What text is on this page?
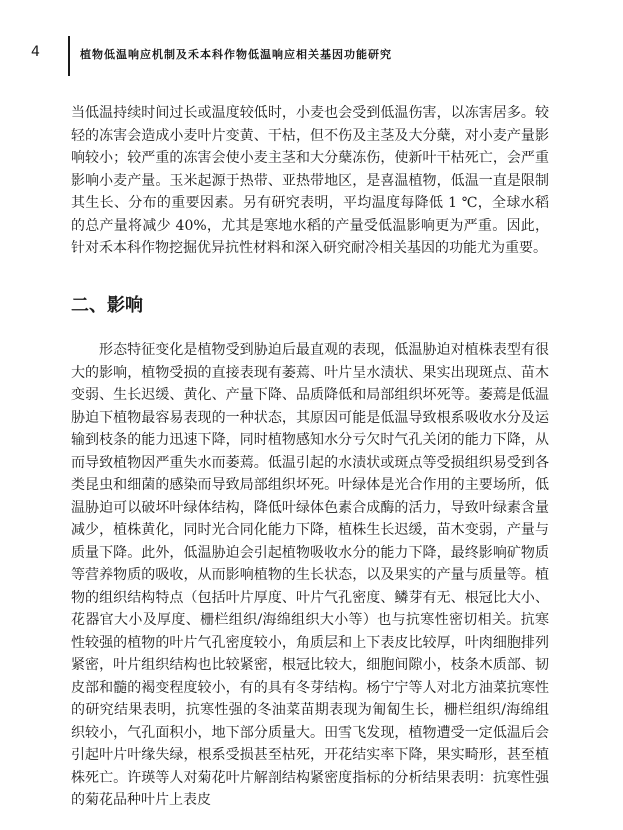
4	植物低温响应机制及禾本科作物低温响应相关基因功能研究
当低温持续时间过长或温度较低时，小麦也会受到低温伤害，以冻害居多。较轻的冻害会造成小麦叶片变黄、干枯，但不伤及主茎及大分蘖，对小麦产量影响较小；较严重的冻害会使小麦主茎和大分蘖冻伤，使新叶干枯死亡，会严重影响小麦产量。玉米起源于热带、亚热带地区，是喜温植物，低温一直是限制其生长、分布的重要因素。另有研究表明，平均温度每降低 1 ℃，全球水稻的总产量将减少 40%，尤其是寒地水稻的产量受低温影响更为严重。因此，针对禾本科作物挖掘优异抗性材料和深入研究耐冷相关基因的功能尤为重要。
二、影响
形态特征变化是植物受到胁迫后最直观的表现，低温胁迫对植株表型有很大的影响，植物受损的直接表现有萎蔫、叶片呈水渍状、果实出现斑点、苗木变弱、生长迟缓、黄化、产量下降、品质降低和局部组织坏死等。萎蔫是低温胁迫下植物最容易表现的一种状态，其原因可能是低温导致根系吸收水分及运输到枝条的能力迅速下降，同时植物感知水分亏欠时气孔关闭的能力下降，从而导致植物因严重失水而萎蔫。低温引起的水渍状或斑点等受损组织易受到各类昆虫和细菌的感染而导致局部组织坏死。叶绿体是光合作用的主要场所，低温胁迫可以破坏叶绿体结构，降低叶绿体色素合成酶的活力，导致叶绿素含量减少，植株黄化，同时光合同化能力下降，植株生长迟缓，苗木变弱，产量与质量下降。此外，低温胁迫会引起植物吸收水分的能力下降，最终影响矿物质等营养物质的吸收，从而影响植物的生长状态，以及果实的产量与质量等。植物的组织结构特点（包括叶片厚度、叶片气孔密度、鳞芽有无、根冠比大小、花器官大小及厚度、栅栏组织/海绵组织大小等）也与抗寒性密切相关。抗寒性较强的植物的叶片气孔密度较小，角质层和上下表皮比较厚，叶肉细胞排列紧密，叶片组织结构也比较紧密，根冠比较大，细胞间隙小，枝条木质部、韧皮部和髓的褐变程度较小，有的具有冬芽结构。杨宁宁等人对北方油菜抗寒性的研究结果表明，抗寒性强的冬油菜苗期表现为匍匐生长，栅栏组织/海绵组织较小，气孔面积小，地下部分质量大。田雪飞发现，植物遭受一定低温后会引起叶片叶缘失绿，根系受损甚至枯死，开花结实率下降，果实畸形，甚至植株死亡。许瑛等人对菊花叶片解剖结构紧密度指标的分析结果表明：抗寒性强的菊花品种叶片上表皮
